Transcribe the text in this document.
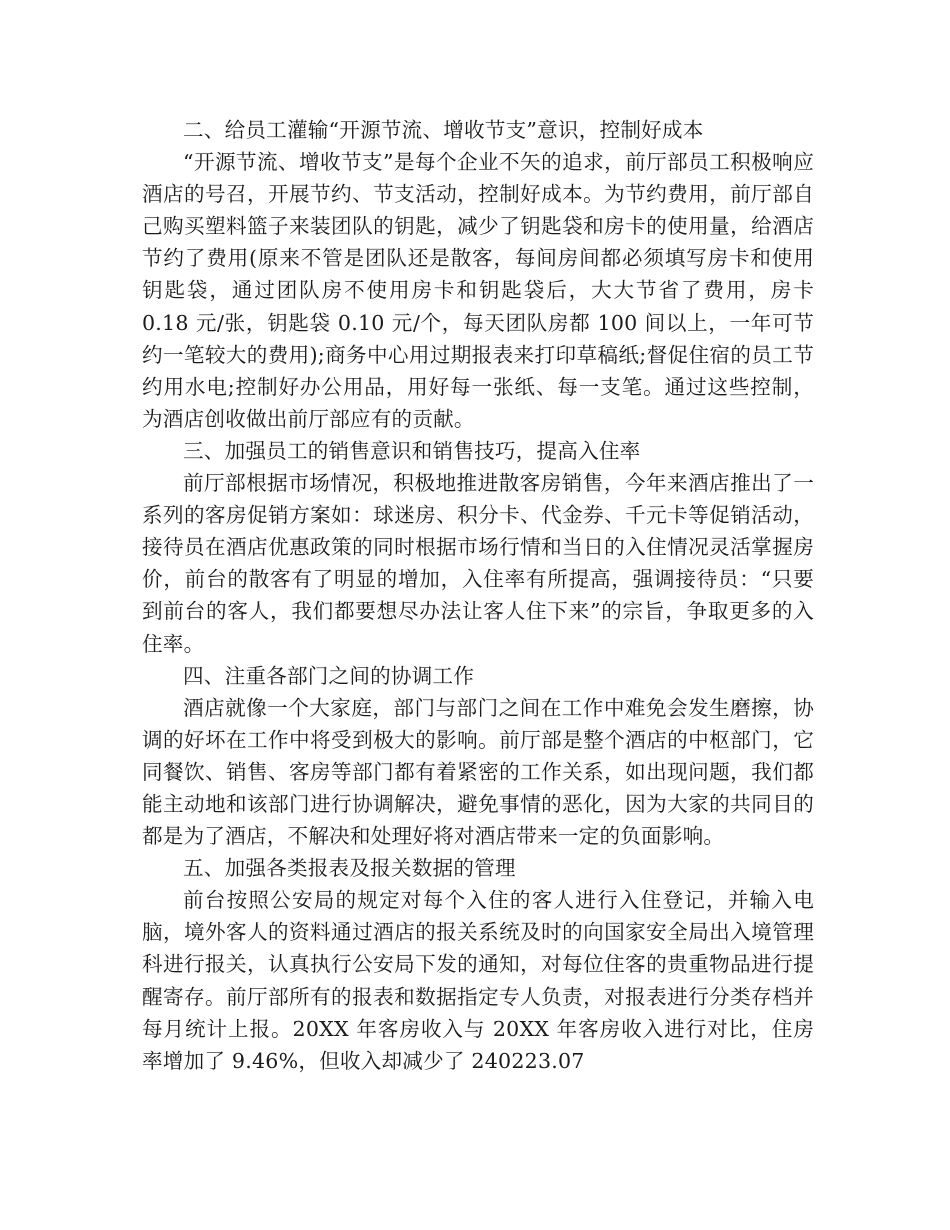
二、给员工灌输“开源节流、增收节支”意识，控制好成本

“开源节流、增收节支”是每个企业不矢的追求，前厅部员工积极响应酒店的号召，开展节约、节支活动，控制好成本。为节约费用，前厅部自己购买塑料篮子来装团队的钥匙，减少了钥匙袋和房卡的使用量，给酒店节约了费用(原来不管是团队还是散客，每间房间都必须填写房卡和使用钥匙袋，通过团队房不使用房卡和钥匙袋后，大大节省了费用，房卡 0.18 元/张，钥匙袋 0.10 元/个，每天团队房都 100 间以上，一年可节约一笔较大的费用);商务中心用过期报表来打印草稿纸;督促住宿的员工节约用水电;控制好办公用品，用好每一张纸、每一支笔。通过这些控制，为酒店创收做出前厅部应有的贡献。

三、加强员工的销售意识和销售技巧，提高入住率

前厅部根据市场情况，积极地推进散客房销售，今年来酒店推出了一系列的客房促销方案如：球迷房、积分卡、代金券、千元卡等促销活动，接待员在酒店优惠政策的同时根据市场行情和当日的入住情况灵活掌握房价，前台的散客有了明显的增加，入住率有所提高，强调接待员：“只要到前台的客人，我们都要想尽办法让客人住下来”的宗旨，争取更多的入住率。

四、注重各部门之间的协调工作

酒店就像一个大家庭，部门与部门之间在工作中难免会发生磨擦，协调的好坏在工作中将受到极大的影响。前厅部是整个酒店的中枢部门，它同餐饮、销售、客房等部门都有着紧密的工作关系，如出现问题，我们都能主动地和该部门进行协调解决，避免事情的恶化，因为大家的共同目的都是为了酒店，不解决和处理好将对酒店带来一定的负面影响。

五、加强各类报表及报关数据的管理

前台按照公安局的规定对每个入住的客人进行入住登记，并输入电脑，境外客人的资料通过酒店的报关系统及时的向国家安全局出入境管理科进行报关，认真执行公安局下发的通知，对每位住客的贵重物品进行提醒寄存。前厅部所有的报表和数据指定专人负责，对报表进行分类存档并每月统计上报。20XX 年客房收入与 20XX 年客房收入进行对比，住房率增加了 9.46%，但收入却减少了 240223.07
